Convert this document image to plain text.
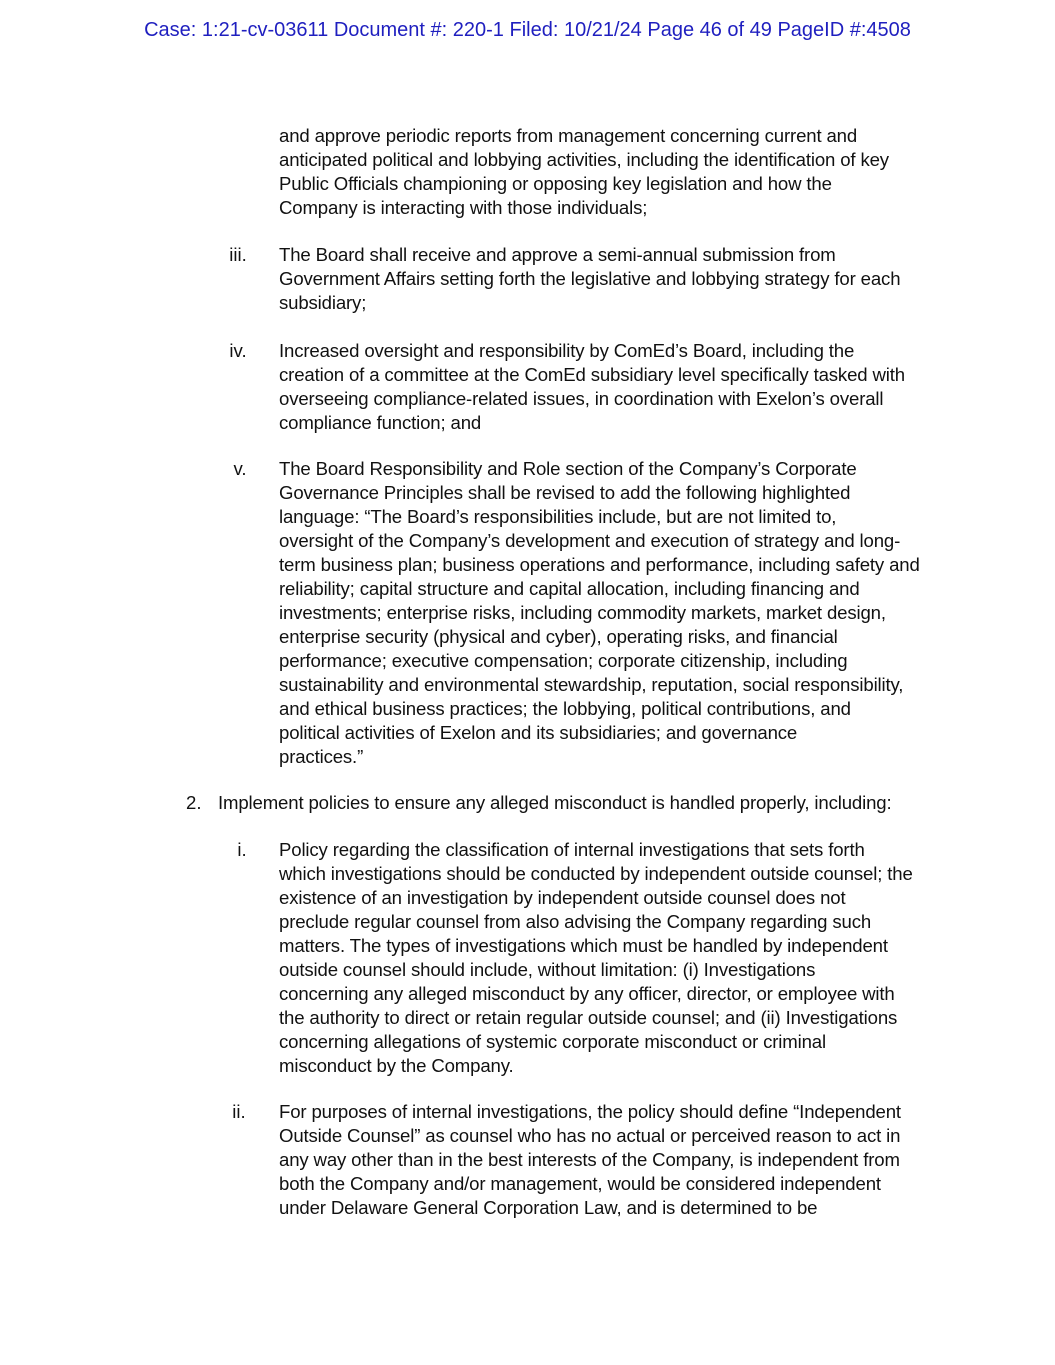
Case: 1:21-cv-03611 Document #: 220-1 Filed: 10/21/24 Page 46 of 49 PageID #:4508
and approve periodic reports from management concerning current and
anticipated political and lobbying activities, including the identification of key
Public Officials championing or opposing key legislation and how the
Company is interacting with those individuals;
iii.	The Board shall receive and approve a semi-annual submission from
Government Affairs setting forth the legislative and lobbying strategy for each
subsidiary;
iv.	Increased oversight and responsibility by ComEd’s Board, including the
creation of a committee at the ComEd subsidiary level specifically tasked with
overseeing compliance-related issues, in coordination with Exelon’s overall
compliance function; and
v.	The Board Responsibility and Role section of the Company’s Corporate
Governance Principles shall be revised to add the following highlighted
language: “The Board’s responsibilities include, but are not limited to,
oversight of the Company’s development and execution of strategy and long-
term business plan; business operations and performance, including safety and
reliability; capital structure and capital allocation, including financing and
investments; enterprise risks, including commodity markets, market design,
enterprise security (physical and cyber), operating risks, and financial
performance; executive compensation; corporate citizenship, including
sustainability and environmental stewardship, reputation, social responsibility,
and ethical business practices; the lobbying, political contributions, and
political activities of Exelon and its subsidiaries; and governance
practices.”
2. Implement policies to ensure any alleged misconduct is handled properly, including:
i.	Policy regarding the classification of internal investigations that sets forth
which investigations should be conducted by independent outside counsel; the
existence of an investigation by independent outside counsel does not
preclude regular counsel from also advising the Company regarding such
matters. The types of investigations which must be handled by independent
outside counsel should include, without limitation: (i) Investigations
concerning any alleged misconduct by any officer, director, or employee with
the authority to direct or retain regular outside counsel; and (ii) Investigations
concerning allegations of systemic corporate misconduct or criminal
misconduct by the Company.
ii.	For purposes of internal investigations, the policy should define “Independent
Outside Counsel” as counsel who has no actual or perceived reason to act in
any way other than in the best interests of the Company, is independent from
both the Company and/or management, would be considered independent
under Delaware General Corporation Law, and is determined to be
